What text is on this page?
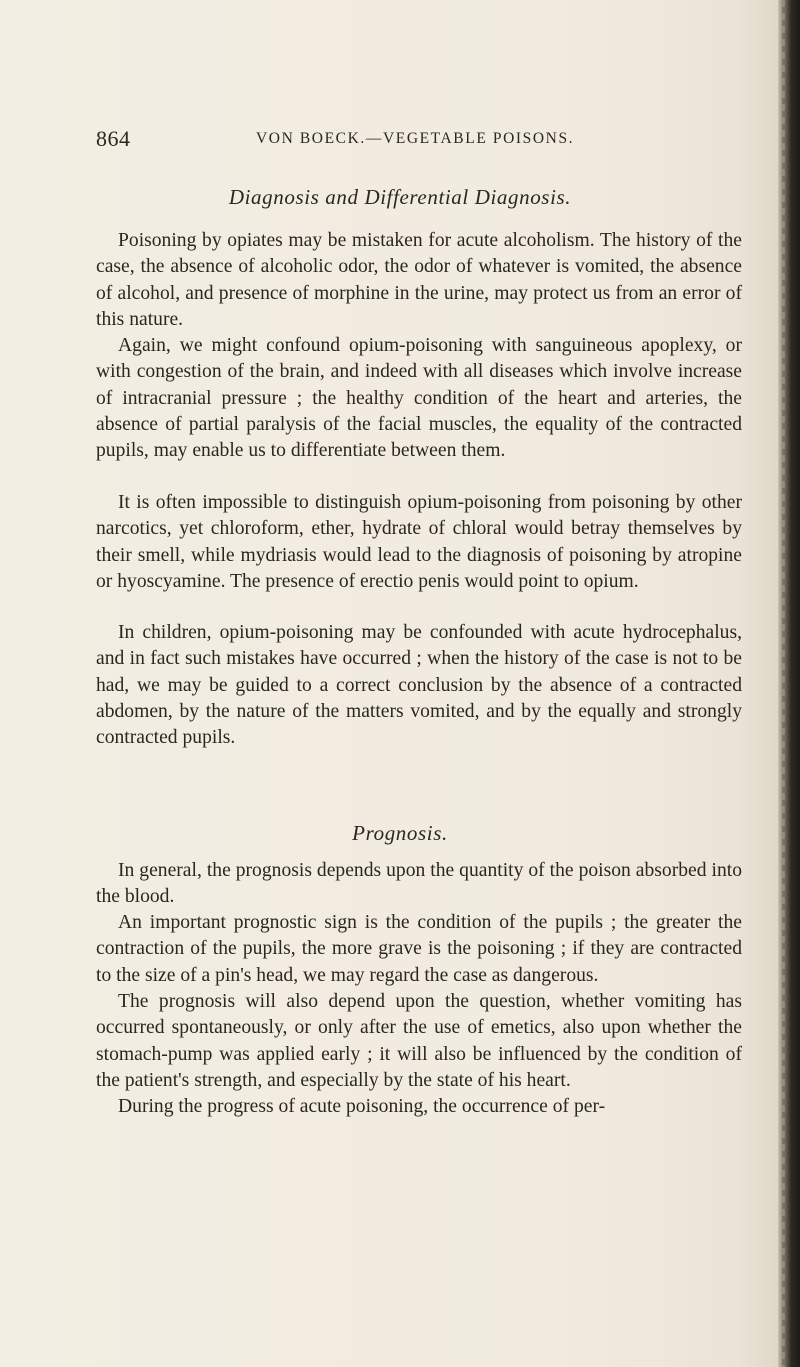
864	VON BOECK.—VEGETABLE POISONS.
Diagnosis and Differential Diagnosis.

Poisoning by opiates may be mistaken for acute alcoholism. The history of the case, the absence of alcoholic odor, the odor of whatever is vomited, the absence of alcohol, and presence of morphine in the urine, may protect us from an error of this nature.

Again, we might confound opium-poisoning with sanguineous apoplexy, or with congestion of the brain, and indeed with all diseases which involve increase of intracranial pressure ; the healthy condition of the heart and arteries, the absence of partial paralysis of the facial muscles, the equality of the contracted pupils, may enable us to differentiate between them.

It is often impossible to distinguish opium-poisoning from poisoning by other narcotics, yet chloroform, ether, hydrate of chloral would betray themselves by their smell, while mydriasis would lead to the diagnosis of poisoning by atropine or hyoscyamine. The presence of erectio penis would point to opium.

In children, opium-poisoning may be confounded with acute hydrocephalus, and in fact such mistakes have occurred ; when the history of the case is not to be had, we may be guided to a correct conclusion by the absence of a contracted abdomen, by the nature of the matters vomited, and by the equally and strongly contracted pupils.

Prognosis.

In general, the prognosis depends upon the quantity of the poison absorbed into the blood.

An important prognostic sign is the condition of the pupils ; the greater the contraction of the pupils, the more grave is the poisoning ; if they are contracted to the size of a pin's head, we may regard the case as dangerous.

The prognosis will also depend upon the question, whether vomiting has occurred spontaneously, or only after the use of emetics, also upon whether the stomach-pump was applied early ; it will also be influenced by the condition of the patient's strength, and especially by the state of his heart.

During the progress of acute poisoning, the occurrence of per-
